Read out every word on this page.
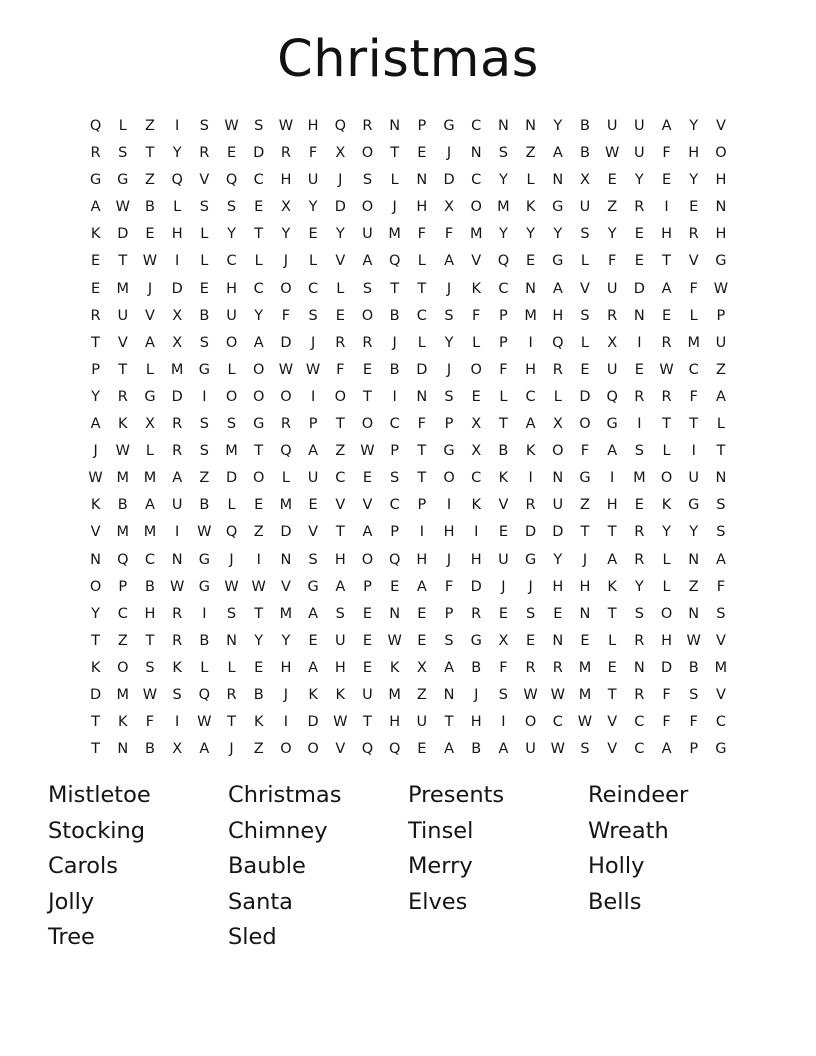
Christmas
Q	L	Z	I	S	W	S	W	H	Q	R	N	P	G	C	N	N	Y	B	U	U	A	Y	V
R	S	T	Y	R	E	D	R	F	X	O	T	E	J	N	S	Z	A	B	W	U	F	H	O
G	G	Z	Q	V	Q	C	H	U	J	S	L	N	D	C	Y	L	N	X	E	Y	E	Y	H
A	W	B	L	S	S	E	X	Y	D	O	J	H	X	O	M	K	G	U	Z	R	I	E	N
K	D	E	H	L	Y	T	Y	E	Y	U	M	F	F	M	Y	Y	Y	S	Y	E	H	R	H
E	T	W	I	L	C	L	J	L	V	A	Q	L	A	V	Q	E	G	L	F	E	T	V	G
E	M	J	D	E	H	C	O	C	L	S	T	T	J	K	C	N	A	V	U	D	A	F	W
R	U	V	X	B	U	Y	F	S	E	O	B	C	S	F	P	M	H	S	R	N	E	L	P
T	V	A	X	S	O	A	D	J	R	R	J	L	Y	L	P	I	Q	L	X	I	R	M	U
P	T	L	M	G	L	O W W	F	E	B	D	J	O	F	H	R	E	U	E	W	C	Z
Y	R	G	D	I	O	O	O	I	O	T	I	N	S	E	L	C	L	D	Q	R	R	F	A
A	K	X	R	S	S	G	R	P	T	O	C	F	P	X	T	A	X	O	G	I	T	T	L
J	W	L	R	S	M	T	Q	A	Z	W	P	T	G	X	B	K	O	F	A	S	L	I	T
W M	M	A	Z	D	O	L	U	C	E	S	T	O	C	K	I	N	G	I	M	O	U	N
K	B	A	U	B	L	E	M	E	V	V	C	P	I	K	V	R	U	Z	H	E	K	G	S
V	M	M	I	W Q	Z	D	V	T	A	P	I	H	I	E	D	D	T	T	R	Y	Y	S
N	Q	C	N	G	J	I	N	S	H	O	Q	H	J	H	U	G	Y	J	A	R	L	N	A
O	P	B	W G W W	V	G	A	P	E	A	F	D	J	J	H	H	K	Y	L	Z	F
Y	C	H	R	I	S	T	M	A	S	E	N	E	P	R	E	S	E	N	T	S	O	N	S
T	Z	T	R	B	N	Y	Y	E	U	E	W	E	S	G	X	E	N	E	L	R	H	W	V
K	O	S	K	L	L	E	H	A	H	E	K	X	A	B	F	R	R	M	E	N	D	B	M
D	M W	S	Q	R	B	J	K	K	U	M	Z	N	J	S	W W M	T	R	F	S	V
T	K	F	I	W	T	K	I	D W	T	H	U	T	H	I	O	C	W	V	C	F	F	C
T	N	B	X	A	J	Z	O	O	V	Q	Q	E	A	B	A	U	W	S	V	C	A	P	G
Mistletoe	Christmas	Presents	Reindeer
Stocking	Chimney	Tinsel	Wreath
Carols	Bauble	Merry	Holly
Jolly	Santa	Elves	Bells
Tree	Sled
